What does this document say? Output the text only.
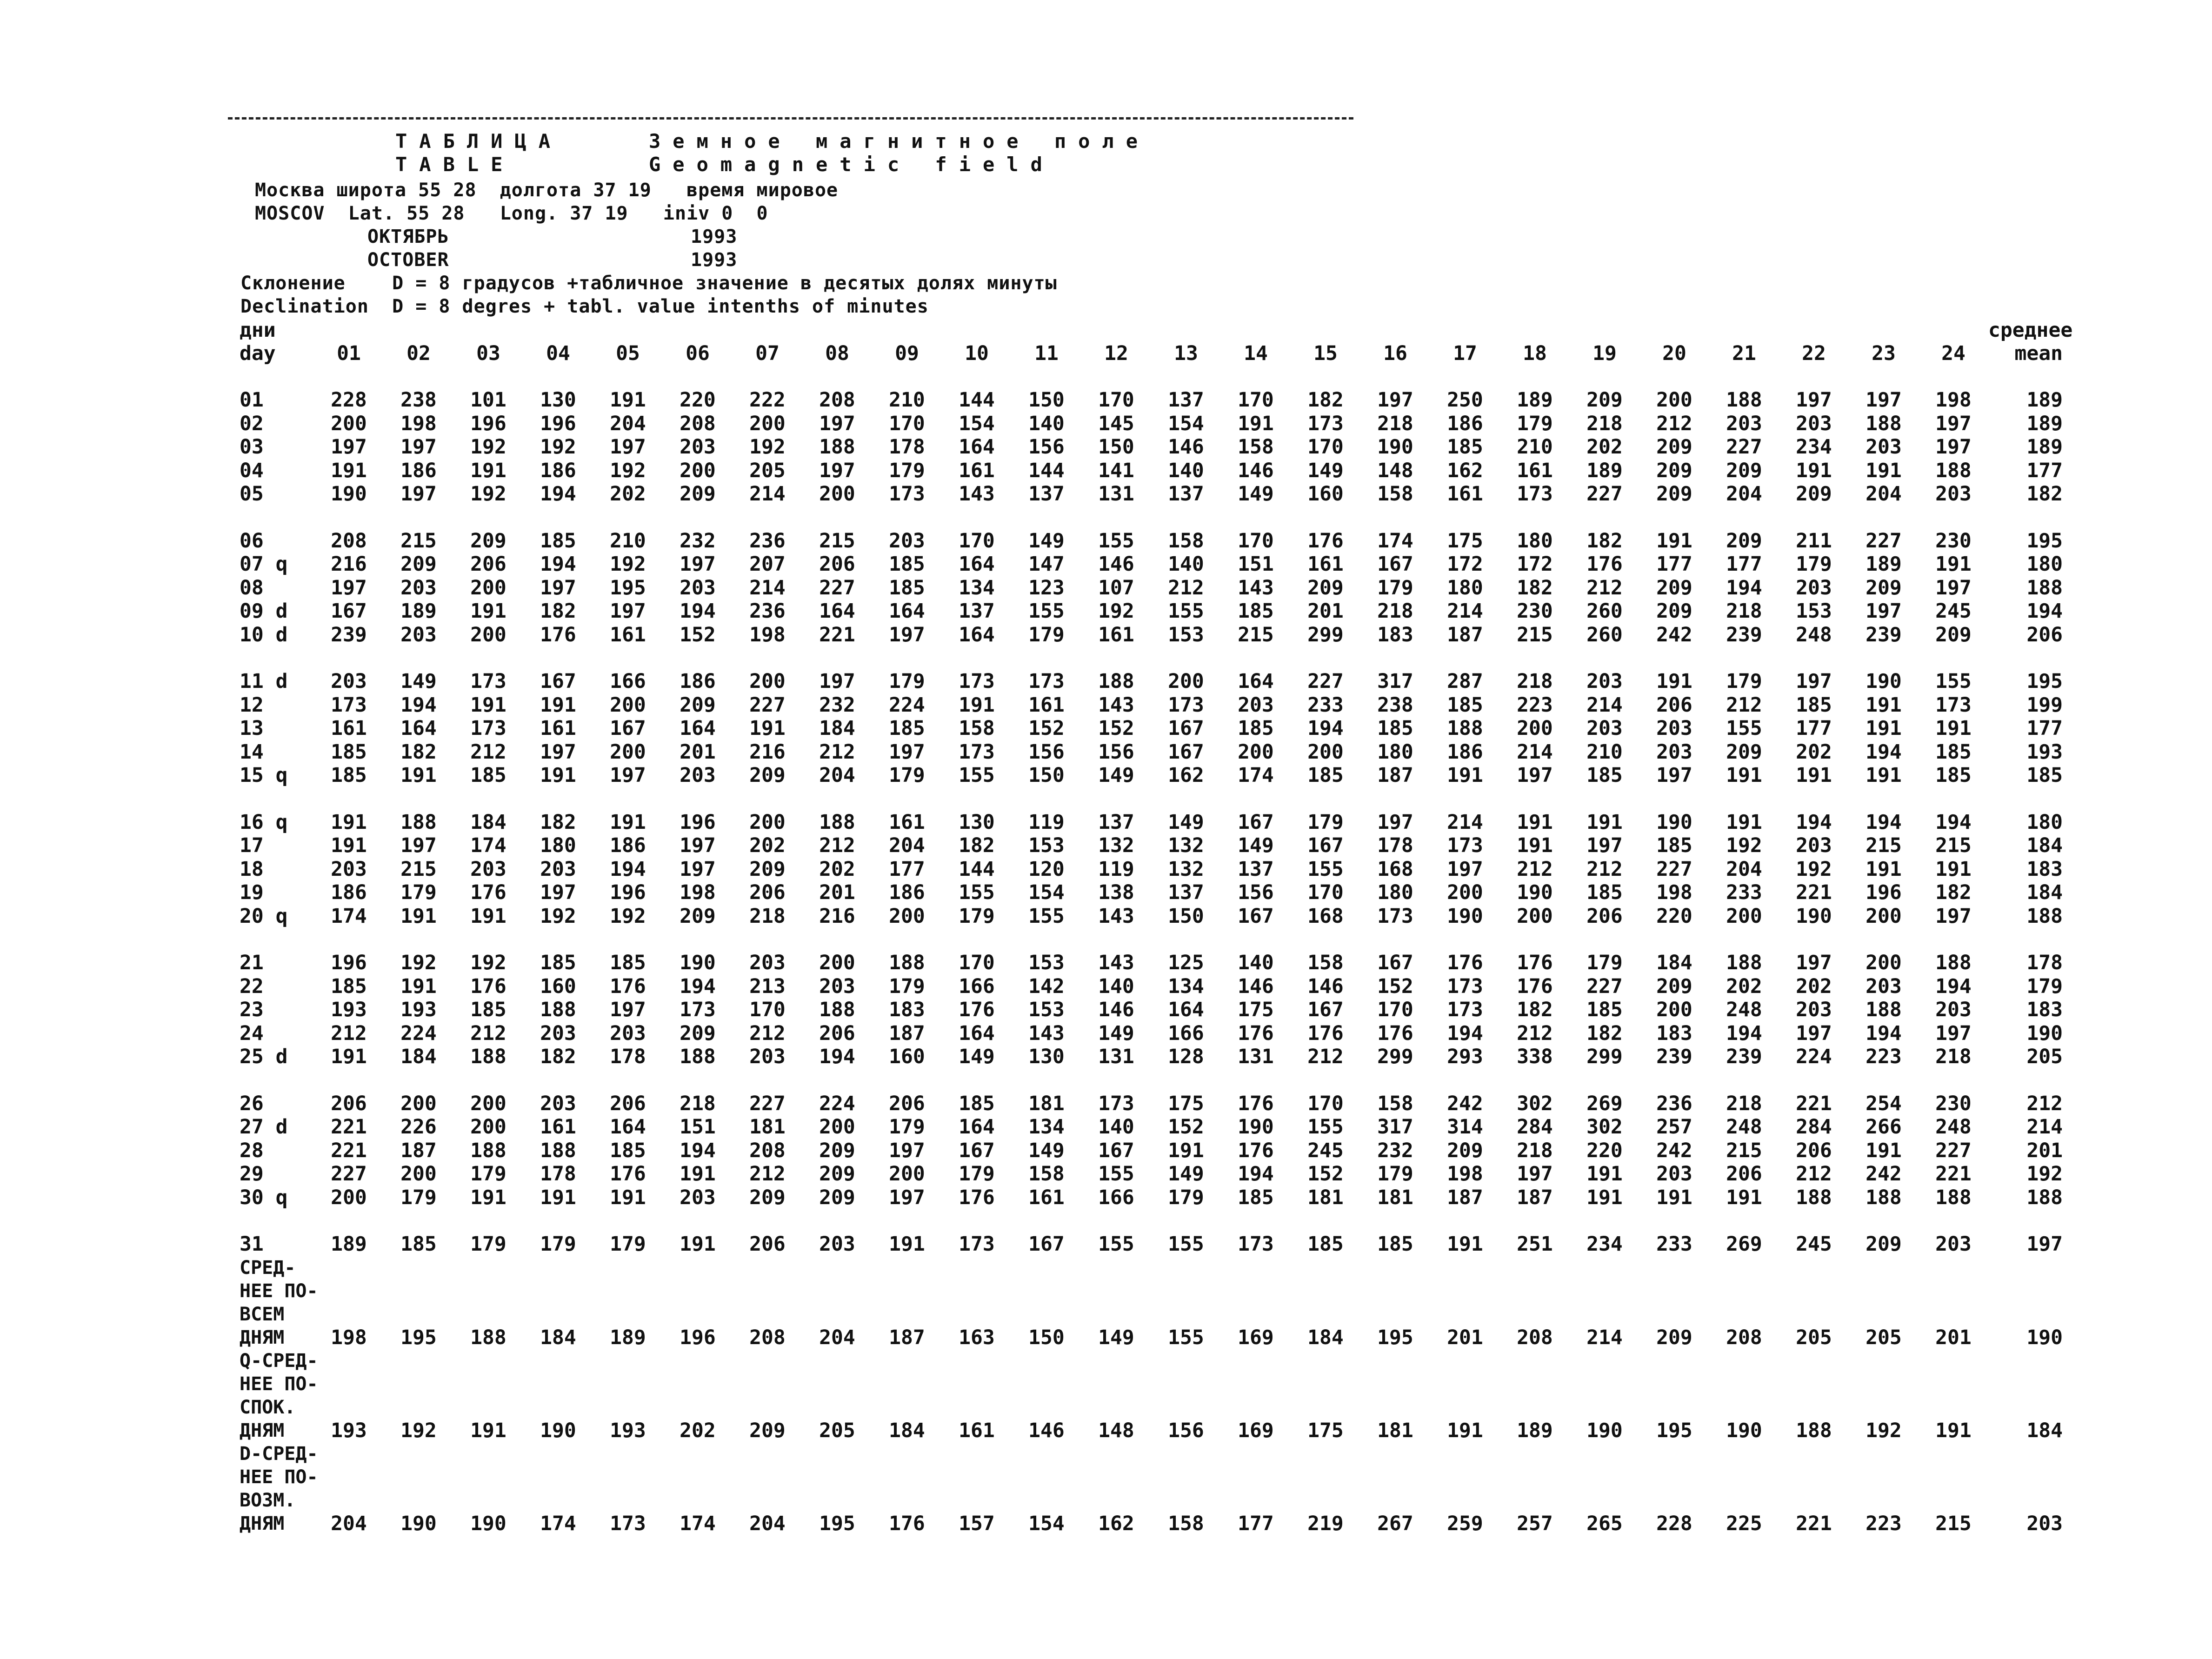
ТАБЛИЦА	Земное магнитное поле
TABLE	Geomagnetic field
Москва широта 55 28  долгота 37 19   время мировое
MOSCOV  Lat. 55 28   Long. 37 19   iniv 0  0
ОКТЯБРЬ	1993
OCTOBER	1993
Склонение    D = 8 градусов +табличное значение в десятых долях минуты
Declination  D = 8 degres + tabl. value intenths of minutes
дни																									среднее
day	01	02	03	04	05	06	07	08	09	10	11	12	13	14	15	16	17	18	19	20	21	22	23	24	mean

01	228	238	101	130	191	220	222	208	210	144	150	170	137	170	182	197	250	189	209	200	188	197	197	198	189
02	200	198	196	196	204	208	200	197	170	154	140	145	154	191	173	218	186	179	218	212	203	203	188	197	189
03	197	197	192	192	197	203	192	188	178	164	156	150	146	158	170	190	185	210	202	209	227	234	203	197	189
04	191	186	191	186	192	200	205	197	179	161	144	141	140	146	149	148	162	161	189	209	209	191	191	188	177
05	190	197	192	194	202	209	214	200	173	143	137	131	137	149	160	158	161	173	227	209	204	209	204	203	182

06	208	215	209	185	210	232	236	215	203	170	149	155	158	170	176	174	175	180	182	191	209	211	227	230	195
07 q	216	209	206	194	192	197	207	206	185	164	147	146	140	151	161	167	172	172	176	177	177	179	189	191	180
08	197	203	200	197	195	203	214	227	185	134	123	107	212	143	209	179	180	182	212	209	194	203	209	197	188
09 d	167	189	191	182	197	194	236	164	164	137	155	192	155	185	201	218	214	230	260	209	218	153	197	245	194
10 d	239	203	200	176	161	152	198	221	197	164	179	161	153	215	299	183	187	215	260	242	239	248	239	209	206

11 d	203	149	173	167	166	186	200	197	179	173	173	188	200	164	227	317	287	218	203	191	179	197	190	155	195
12	173	194	191	191	200	209	227	232	224	191	161	143	173	203	233	238	185	223	214	206	212	185	191	173	199
13	161	164	173	161	167	164	191	184	185	158	152	152	167	185	194	185	188	200	203	203	155	177	191	191	177
14	185	182	212	197	200	201	216	212	197	173	156	156	167	200	200	180	186	214	210	203	209	202	194	185	193
15 q	185	191	185	191	197	203	209	204	179	155	150	149	162	174	185	187	191	197	185	197	191	191	191	185	185

16 q	191	188	184	182	191	196	200	188	161	130	119	137	149	167	179	197	214	191	191	190	191	194	194	194	180
17	191	197	174	180	186	197	202	212	204	182	153	132	132	149	167	178	173	191	197	185	192	203	215	215	184
18	203	215	203	203	194	197	209	202	177	144	120	119	132	137	155	168	197	212	212	227	204	192	191	191	183
19	186	179	176	197	196	198	206	201	186	155	154	138	137	156	170	180	200	190	185	198	233	221	196	182	184
20 q	174	191	191	192	192	209	218	216	200	179	155	143	150	167	168	173	190	200	206	220	200	190	200	197	188

21	196	192	192	185	185	190	203	200	188	170	153	143	125	140	158	167	176	176	179	184	188	197	200	188	178
22	185	191	176	160	176	194	213	203	179	166	142	140	134	146	146	152	173	176	227	209	202	202	203	194	179
23	193	193	185	188	197	173	170	188	183	176	153	146	164	175	167	170	173	182	185	200	248	203	188	203	183
24	212	224	212	203	203	209	212	206	187	164	143	149	166	176	176	176	194	212	182	183	194	197	194	197	190
25 d	191	184	188	182	178	188	203	194	160	149	130	131	128	131	212	299	293	338	299	239	239	224	223	218	205

26	206	200	200	203	206	218	227	224	206	185	181	173	175	176	170	158	242	302	269	236	218	221	254	230	212
27 d	221	226	200	161	164	151	181	200	179	164	134	140	152	190	155	317	314	284	302	257	248	284	266	248	214
28	221	187	188	188	185	194	208	209	197	167	149	167	191	176	245	232	209	218	220	242	215	206	191	227	201
29	227	200	179	178	176	191	212	209	200	179	158	155	149	194	152	179	198	197	191	203	206	212	242	221	192
30 q	200	179	191	191	191	203	209	209	197	176	161	166	179	185	181	181	187	187	191	191	191	188	188	188	188

31	189	185	179	179	179	191	206	203	191	173	167	155	155	173	185	185	191	251	234	233	269	245	209	203	197
СРЕД-																									
НЕЕ ПО-																									
ВСЕМ																									
ДНЯМ	198	195	188	184	189	196	208	204	187	163	150	149	155	169	184	195	201	208	214	209	208	205	205	201	190
Q-СРЕД-																									
НЕЕ ПО-																									
СПОК.																									
ДНЯМ	193	192	191	190	193	202	209	205	184	161	146	148	156	169	175	181	191	189	190	195	190	188	192	191	184
D-СРЕД-																									
НЕЕ ПО-																									
ВОЗМ.																									
ДНЯМ	204	190	190	174	173	174	204	195	176	157	154	162	158	177	219	267	259	257	265	228	225	221	223	215	203
